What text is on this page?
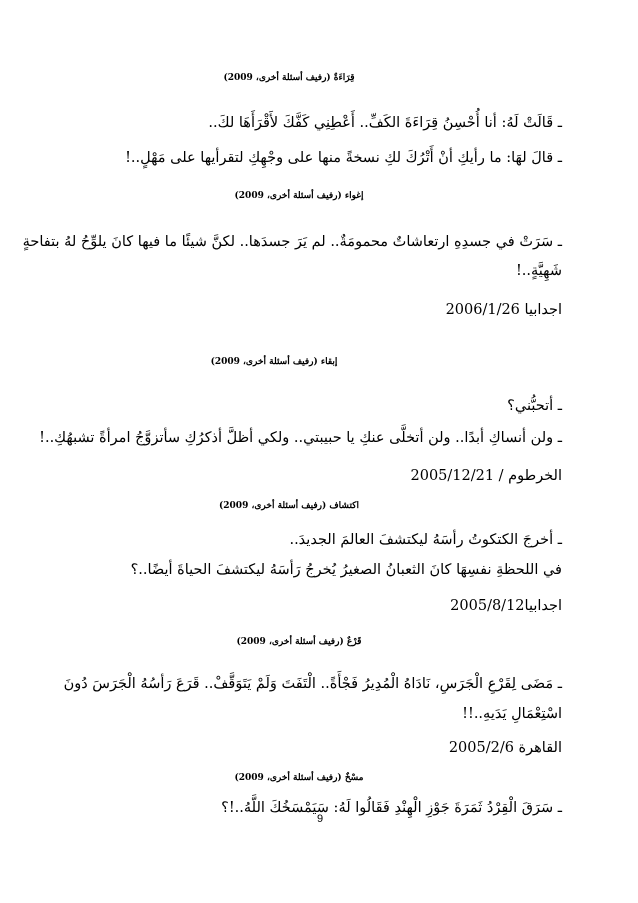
قِرَاءَةٌ (رفيف أسئلة أخرى، 2009)
ـ قَالَتْ لَهُ: أنا أُحْسِنُ قِرَاءَةَ الكَفِّ.. أَعْطِنِي كَفَّكَ لأَقْرَأَهَا لكَ..
ـ قالَ لهَا: ما رأيكِ أنْ أَتْرُكَ لكِ نسخةً منها على وجْهِكِ لتقرأيها على مَهْلٍ..!
إغواء (رفيف أسئلة أخرى، 2009)
ـ سَرَتْ في جسدِهِ ارتعاشاتٌ محمومَةٌ.. لم يَرَ جسدَها.. لكنَّ شيئًا ما فيها كانَ يلوِّحُ لهُ بتفاحةٍ
شَهِيَّةٍ..!
اجدابيا 2006/1/26
إبقاء (رفيف أسئلة أخرى، 2009)
ـ أتحبُّني؟
ـ ولن أنساكِ أبدًا.. ولن أتخلَّى عنكِ يا حبيبتي.. ولكي أظلَّ أذكرُكِ سأتزوَّجُ امرأةً تشبهُكِ..!
الخرطوم / 2005/12/21
اكتشاف (رفيف أسئلة أخرى، 2009)
ـ أخرجَ الكتكوتُ رأسَهُ ليكتشفَ العالمَ الجديدَ..
في اللحظةِ نفسِهَا كانَ الثعبانُ الصغيرُ يُخرجُ رَأسَهُ ليكتشفَ الحياةَ أيضًا..؟
اجدابيا2005/8/12
قَرْعٌ (رفيف أسئلة أخرى، 2009)
ـ مَضَى لِقَرْعِ الْجَرَسِ، نَادَاهُ الْمُدِيرُ فَجْأَةً.. الْتَفَتَ وَلَمْ يَتَوَقَّفْ.. قَرَعَ رَأسُهُ الْجَرَسَ دُونَ
اسْتِعْمَالِ يَدَيهِ..!!
القاهرة 2005/2/6
مسْخٌ (رفيف أسئلة أخرى، 2009)
ـ سَرَقَ الْقِرْدُ ثَمَرَةَ جَوْزِ الْهِنْدِ فَقَالُوا لَهُ: سَيَمْسَخُكَ اللَّهُ..!؟
9
